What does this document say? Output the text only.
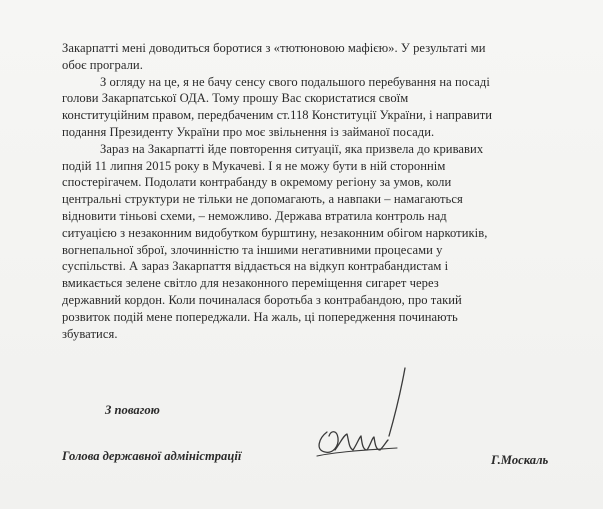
Закарпатті мені доводиться боротися з «тютюновою мафією». У результаті ми
обоє програли.
З огляду на це, я не бачу сенсу свого подальшого перебування на посаді
голови Закарпатської ОДА. Тому прошу Вас скористатися своїм
конституційним правом, передбаченим ст.118 Конституції України, і направити
подання Президенту України про моє звільнення із займаної посади.
Зараз на Закарпатті йде повторення ситуації, яка призвела до кривавих
подій 11 липня 2015 року в Мукачеві. І я не можу бути в ній стороннім
спостерігачем. Подолати контрабанду в окремому регіону за умов, коли
центральні структури не тільки не допомагають, а навпаки – намагаються
відновити тіньові схеми, – неможливо. Держава втратила контроль над
ситуацією з незаконним видобутком бурштину, незаконним обігом наркотиків,
вогнепальної зброї, злочинністю та іншими негативними процесами у
суспільстві. А зараз Закарпаття віддається на відкуп контрабандистам і
вмикається зелене світло для незаконного переміщення сигарет через
державний кордон. Коли починалася боротьба з контрабандою, про такий
розвиток подій мене попереджали. На жаль, ці попередження починають
збуватися.
З повагою
Голова державної адміністрації	Г.Москаль
